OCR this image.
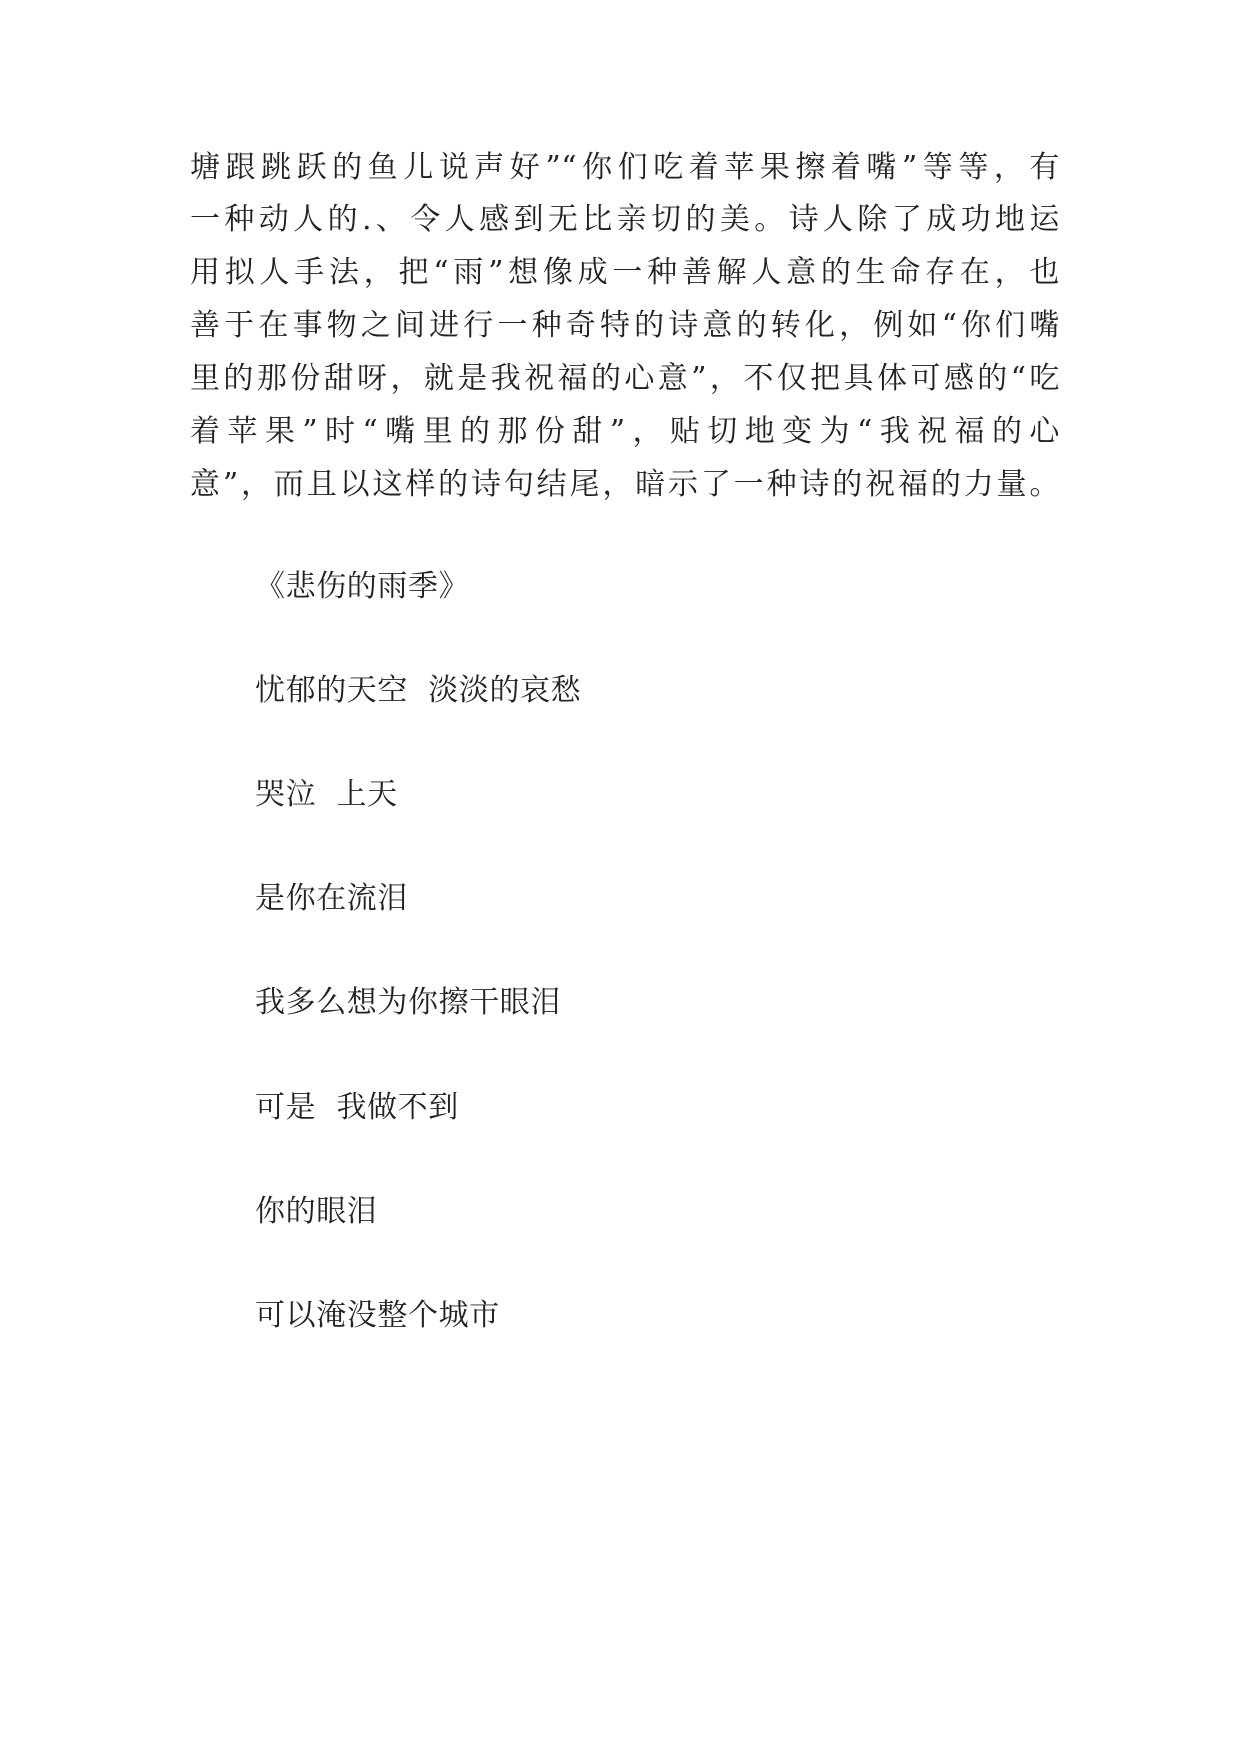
塘跟跳跃的鱼儿说声好”“你们吃着苹果擦着嘴”等等，有
一种动人的.、令人感到无比亲切的美。诗人除了成功地运
用拟人手法，把“雨”想像成一种善解人意的生命存在，也
善于在事物之间进行一种奇特的诗意的转化，例如“你们嘴
里的那份甜呀，就是我祝福的心意”，不仅把具体可感的“吃
着苹果”时“嘴里的那份甜”，贴切地变为“我祝福的心
意”，而且以这样的诗句结尾，暗示了一种诗的祝福的力量。
《悲伤的雨季》
忧郁的天空  淡淡的哀愁
哭泣  上天
是你在流泪
我多么想为你擦干眼泪
可是  我做不到
你的眼泪
可以淹没整个城市
